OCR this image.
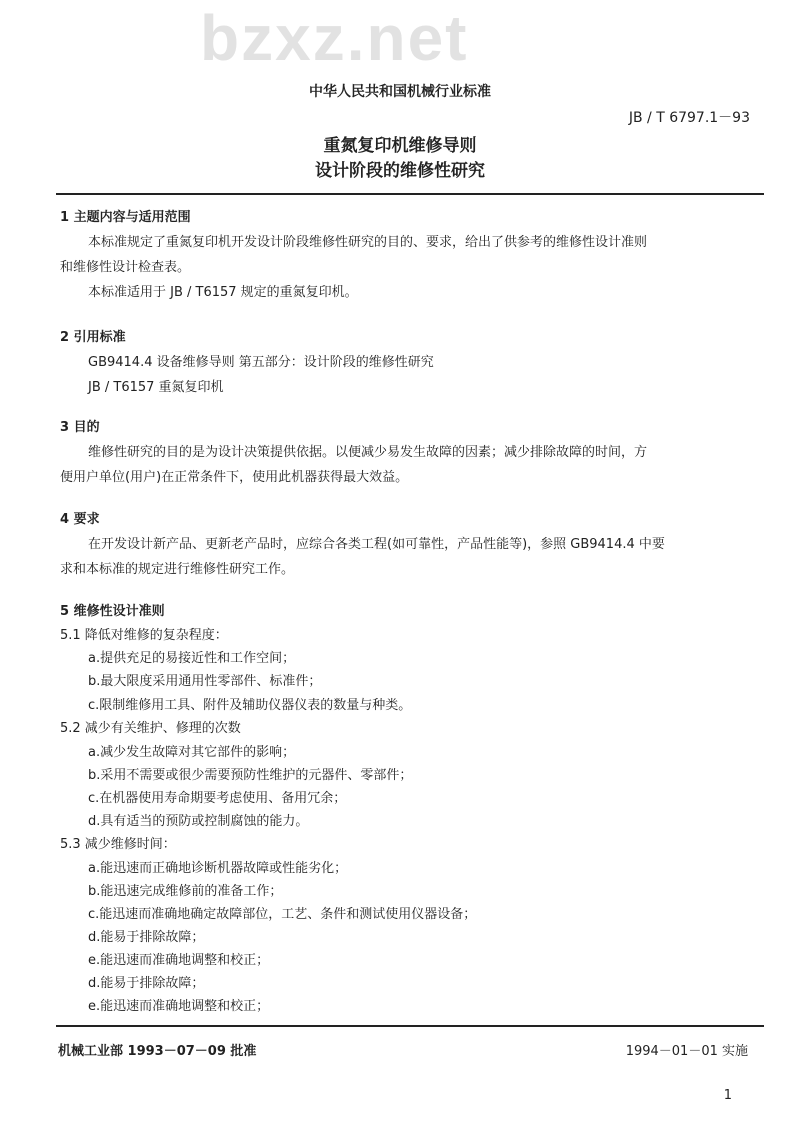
bzxz.net
中华人民共和国机械行业标准
JB / T 6797.1－93
重氮复印机维修导则
设计阶段的维修性研究
1 主题内容与适用范围
本标准规定了重氮复印机开发设计阶段维修性研究的目的、要求，给出了供参考的维修性设计准则
和维修性设计检查表。
本标准适用于 JB / T6157 规定的重氮复印机。
2 引用标准
GB9414.4 设备维修导则 第五部分：设计阶段的维修性研究
JB / T6157 重氮复印机
3 目的
维修性研究的目的是为设计决策提供依据。以便减少易发生故障的因素；减少排除故障的时间，方
便用户单位(用户)在正常条件下，使用此机器获得最大效益。
4 要求
在开发设计新产品、更新老产品时，应综合各类工程(如可靠性，产品性能等)，参照 GB9414.4 中要
求和本标准的规定进行维修性研究工作。
5 维修性设计准则
5.1 降低对维修的复杂程度：
a.提供充足的易接近性和工作空间；
b.最大限度采用通用性零部件、标准件；
c.限制维修用工具、附件及辅助仪器仪表的数量与种类。
5.2 减少有关维护、修理的次数
a.减少发生故障对其它部件的影响；
b.采用不需要或很少需要预防性维护的元器件、零部件；
c.在机器使用寿命期要考虑使用、备用冗余；
d.具有适当的预防或控制腐蚀的能力。
5.3 减少维修时间：
a.能迅速而正确地诊断机器故障或性能劣化；
b.能迅速完成维修前的准备工作；
c.能迅速而准确地确定故障部位，工艺、条件和测试使用仪器设备；
d.能易于排除故障；
e.能迅速而准确地调整和校正；
d.能易于排除故障；
e.能迅速而准确地调整和校正；
机械工业部 1993－07－09 批准	1994－01－01 实施
1
